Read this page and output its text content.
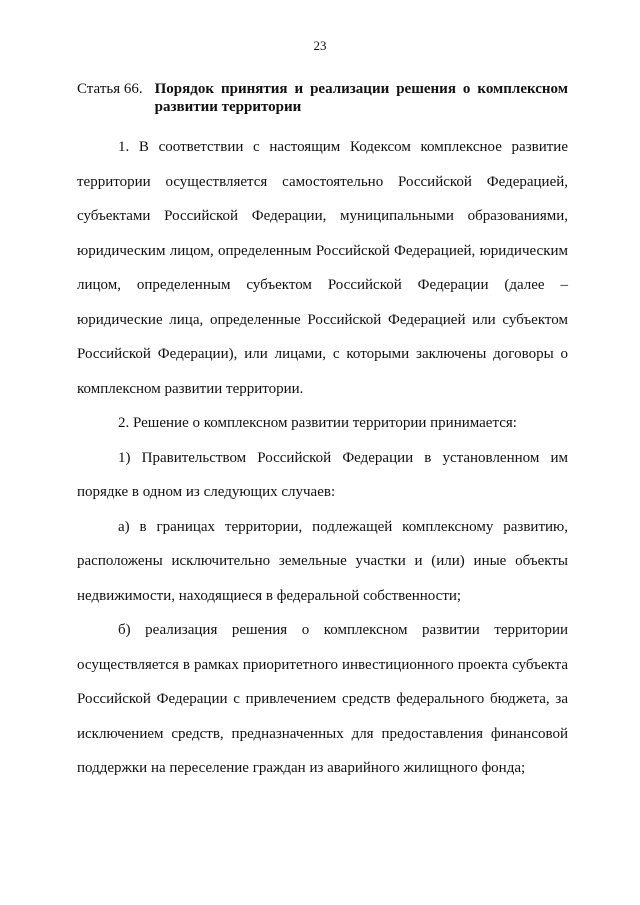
23
Статья 66. Порядок принятия и реализации решения о комплексном развитии территории

1. В соответствии с настоящим Кодексом комплексное развитие территории осуществляется самостоятельно Российской Федерацией, субъектами Российской Федерации, муниципальными образованиями, юридическим лицом, определенным Российской Федерацией, юридическим лицом, определенным субъектом Российской Федерации (далее – юридические лица, определенные Российской Федерацией или субъектом Российской Федерации), или лицами, с которыми заключены договоры о комплексном развитии территории.

2. Решение о комплексном развитии территории принимается:

1) Правительством Российской Федерации в установленном им порядке в одном из следующих случаев:

а) в границах территории, подлежащей комплексному развитию, расположены исключительно земельные участки и (или) иные объекты недвижимости, находящиеся в федеральной собственности;

б) реализация решения о комплексном развитии территории осуществляется в рамках приоритетного инвестиционного проекта субъекта Российской Федерации с привлечением средств федерального бюджета, за исключением средств, предназначенных для предоставления финансовой поддержки на переселение граждан из аварийного жилищного фонда;
